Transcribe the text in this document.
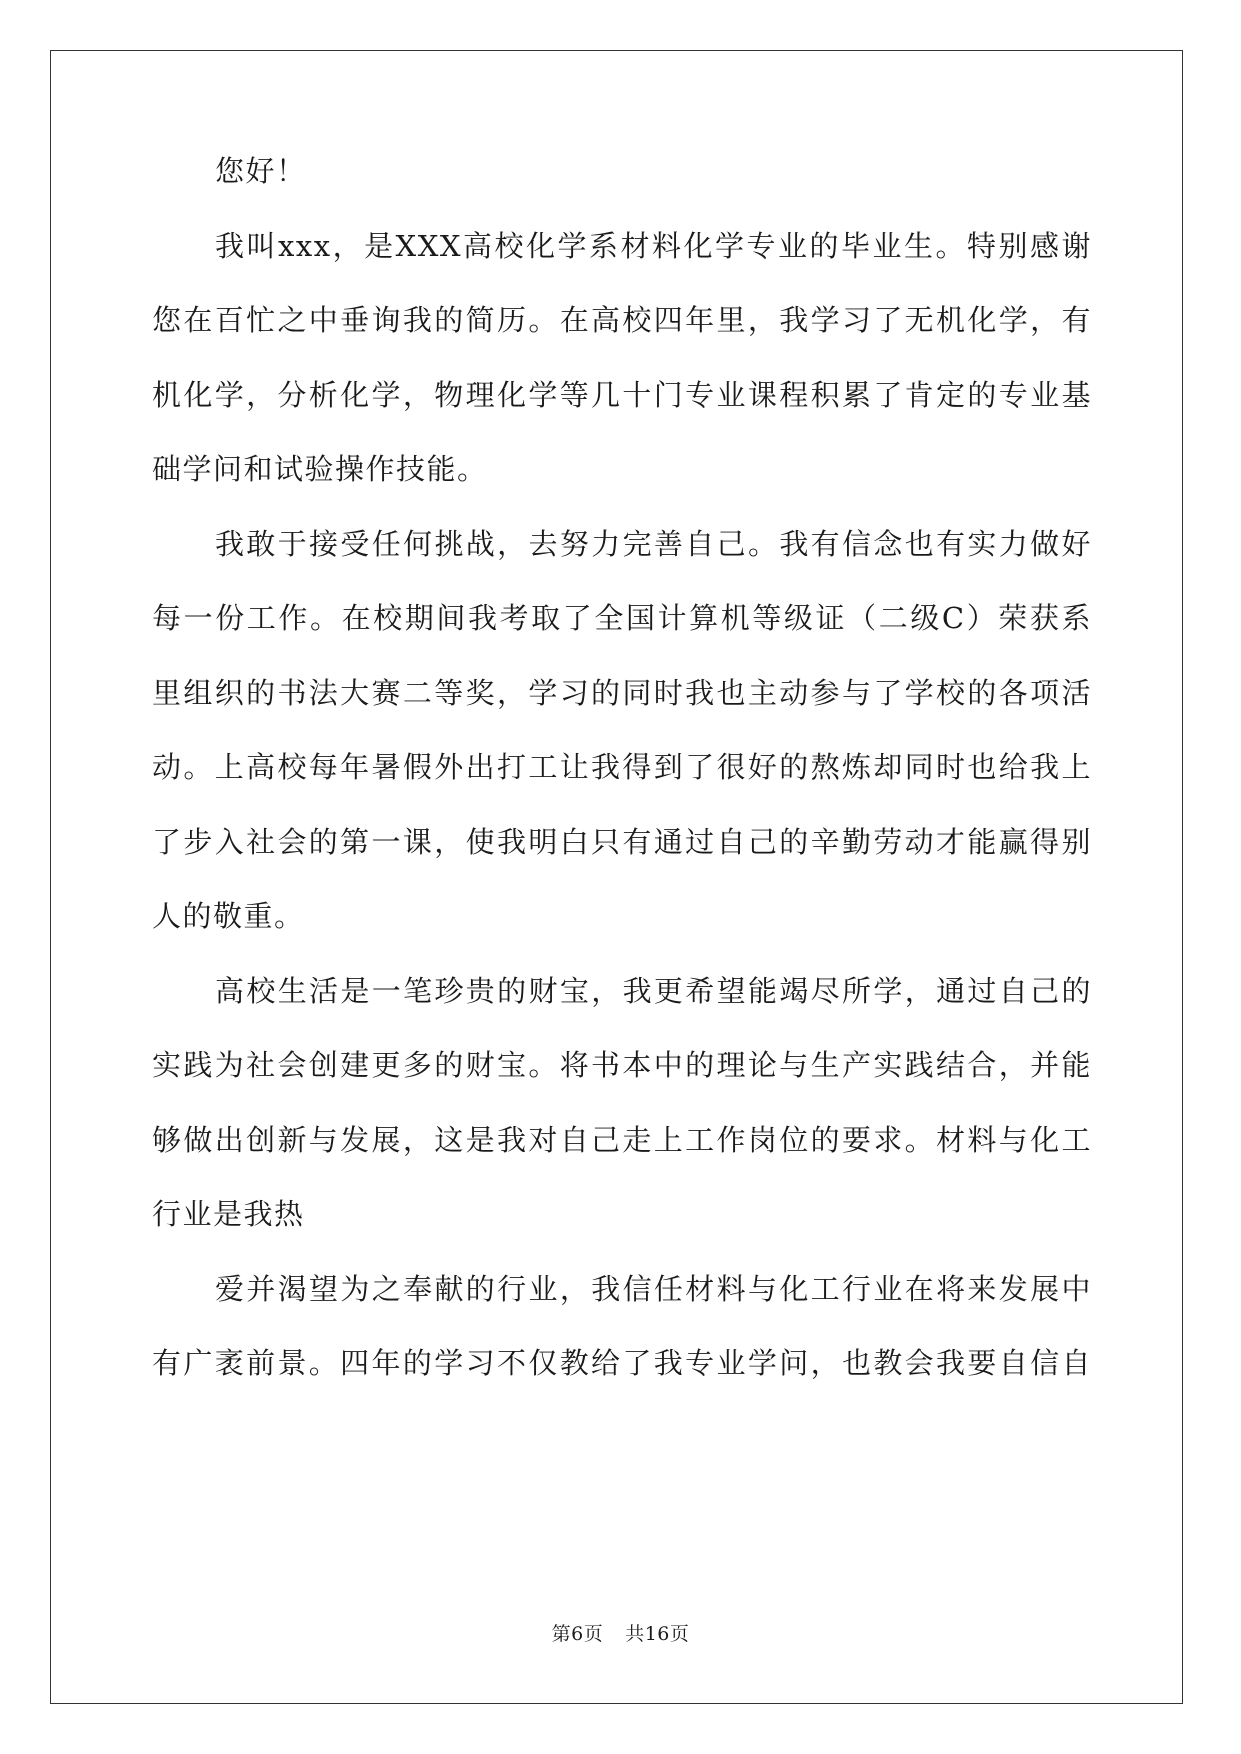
您好！
我叫xxx，是XXX高校化学系材料化学专业的毕业生。特别感谢
您在百忙之中垂询我的简历。在高校四年里，我学习了无机化学，有
机化学，分析化学，物理化学等几十门专业课程积累了肯定的专业基
础学问和试验操作技能。
我敢于接受任何挑战，去努力完善自己。我有信念也有实力做好
每一份工作。在校期间我考取了全国计算机等级证（二级C）荣获系
里组织的书法大赛二等奖，学习的同时我也主动参与了学校的各项活
动。上高校每年暑假外出打工让我得到了很好的熬炼却同时也给我上
了步入社会的第一课，使我明白只有通过自己的辛勤劳动才能赢得别
人的敬重。
高校生活是一笔珍贵的财宝，我更希望能竭尽所学，通过自己的
实践为社会创建更多的财宝。将书本中的理论与生产实践结合，并能
够做出创新与发展，这是我对自己走上工作岗位的要求。材料与化工
行业是我热
爱并渴望为之奉献的行业，我信任材料与化工行业在将来发展中
有广袤前景。四年的学习不仅教给了我专业学问，也教会我要自信自
第6页 共16页
